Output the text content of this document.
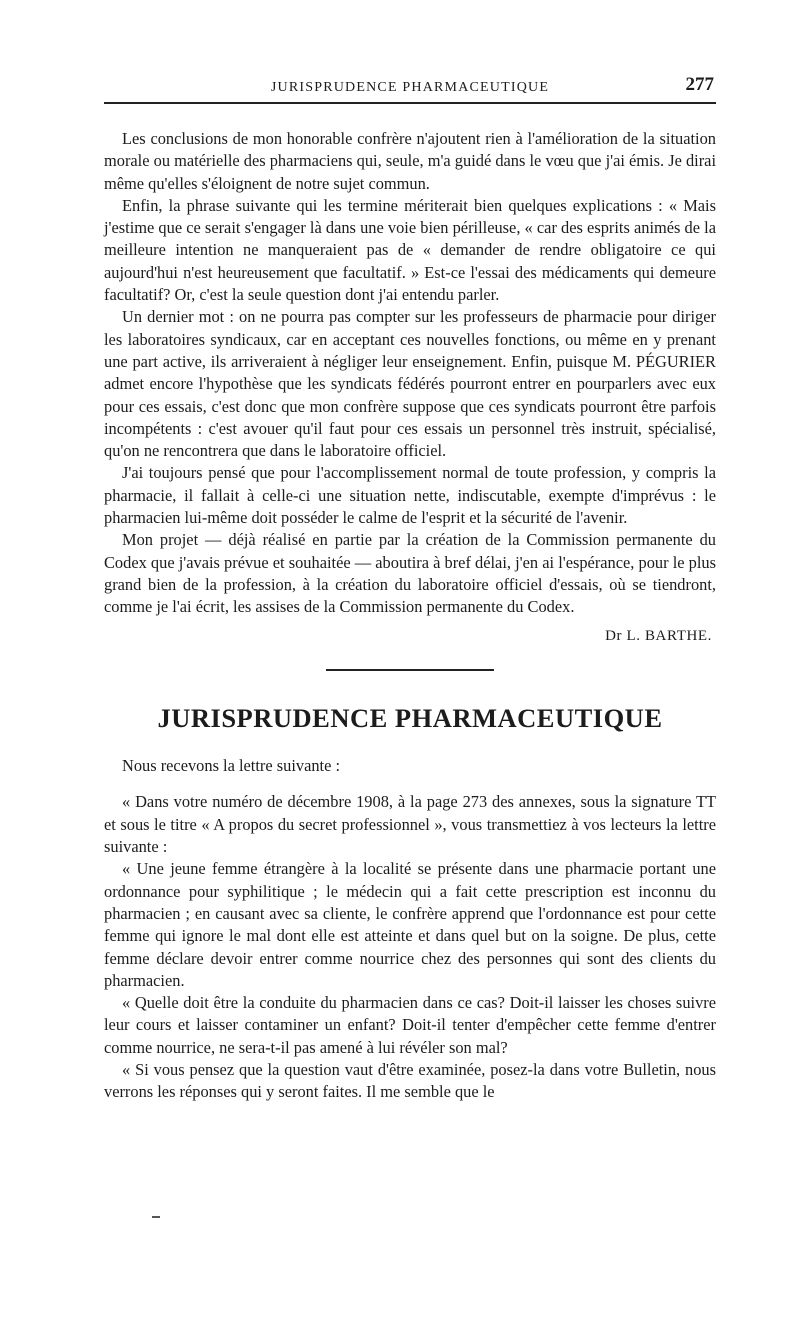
JURISPRUDENCE PHARMACEUTIQUE	277

Les conclusions de mon honorable confrère n'ajoutent rien à l'amélioration de la situation morale ou matérielle des pharmaciens qui, seule, m'a guidé dans le vœu que j'ai émis. Je dirai même qu'elles s'éloignent de notre sujet commun.

Enfin, la phrase suivante qui les termine mériterait bien quelques explications : « Mais j'estime que ce serait s'engager là dans une voie bien périlleuse, « car des esprits animés de la meilleure intention ne manqueraient pas de « demander de rendre obligatoire ce qui aujourd'hui n'est heureusement que facultatif. » Est-ce l'essai des médicaments qui demeure facultatif? Or, c'est la seule question dont j'ai entendu parler.

Un dernier mot : on ne pourra pas compter sur les professeurs de pharmacie pour diriger les laboratoires syndicaux, car en acceptant ces nouvelles fonctions, ou même en y prenant une part active, ils arriveraient à négliger leur enseignement. Enfin, puisque M. PÉGURIER admet encore l'hypothèse que les syndicats fédérés pourront entrer en pourparlers avec eux pour ces essais, c'est donc que mon confrère suppose que ces syndicats pourront être parfois incompétents : c'est avouer qu'il faut pour ces essais un personnel très instruit, spécialisé, qu'on ne rencontrera que dans le laboratoire officiel.

J'ai toujours pensé que pour l'accomplissement normal de toute profession, y compris la pharmacie, il fallait à celle-ci une situation nette, indiscutable, exempte d'imprévus : le pharmacien lui-même doit posséder le calme de l'esprit et la sécurité de l'avenir.

Mon projet — déjà réalisé en partie par la création de la Commission permanente du Codex que j'avais prévue et souhaitée — aboutira à bref délai, j'en ai l'espérance, pour le plus grand bien de la profession, à la création du laboratoire officiel d'essais, où se tiendront, comme je l'ai écrit, les assises de la Commission permanente du Codex.

Dr L. BARTHE.

JURISPRUDENCE PHARMACEUTIQUE

Nous recevons la lettre suivante :

« Dans votre numéro de décembre 1908, à la page 273 des annexes, sous la signature TT et sous le titre « A propos du secret professionnel », vous transmettiez à vos lecteurs la lettre suivante :

« Une jeune femme étrangère à la localité se présente dans une pharmacie portant une ordonnance pour syphilitique ; le médecin qui a fait cette prescription est inconnu du pharmacien ; en causant avec sa cliente, le confrère apprend que l'ordonnance est pour cette femme qui ignore le mal dont elle est atteinte et dans quel but on la soigne. De plus, cette femme déclare devoir entrer comme nourrice chez des personnes qui sont des clients du pharmacien.

« Quelle doit être la conduite du pharmacien dans ce cas? Doit-il laisser les choses suivre leur cours et laisser contaminer un enfant? Doit-il tenter d'empêcher cette femme d'entrer comme nourrice, ne sera-t-il pas amené à lui révéler son mal?

« Si vous pensez que la question vaut d'être examinée, posez-la dans votre Bulletin, nous verrons les réponses qui y seront faites. Il me semble que le
